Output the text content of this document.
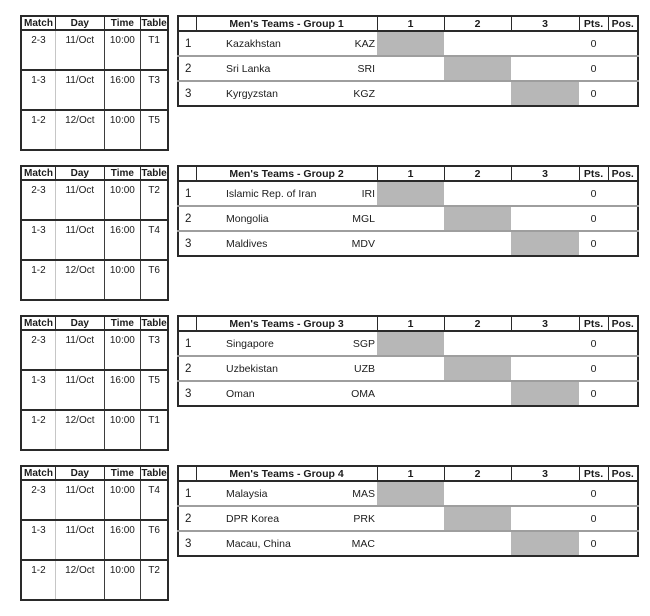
Match	Day	Time	Table
2-3	11/Oct	10:00	T1
1-3	11/Oct	16:00	T3
1-2	12/Oct	10:00	T5
	Men's Teams - Group 1		1	2	3	Pts.	Pos.
1	Kazakhstan	KAZ				0	
2	Sri Lanka	SRI				0	
3	Kyrgyzstan	KGZ				0	
Match	Day	Time	Table
2-3	11/Oct	10:00	T2
1-3	11/Oct	16:00	T4
1-2	12/Oct	10:00	T6
	Men's Teams - Group 2		1	2	3	Pts.	Pos.
1	Islamic Rep. of Iran	IRI				0	
2	Mongolia	MGL				0	
3	Maldives	MDV				0	
Match	Day	Time	Table
2-3	11/Oct	10:00	T3
1-3	11/Oct	16:00	T5
1-2	12/Oct	10:00	T1
	Men's Teams - Group 3		1	2	3	Pts.	Pos.
1	Singapore	SGP				0	
2	Uzbekistan	UZB				0	
3	Oman	OMA				0	
Match	Day	Time	Table
2-3	11/Oct	10:00	T4
1-3	11/Oct	16:00	T6
1-2	12/Oct	10:00	T2
	Men's Teams - Group 4		1	2	3	Pts.	Pos.
1	Malaysia	MAS				0	
2	DPR Korea	PRK				0	
3	Macau, China	MAC				0	
